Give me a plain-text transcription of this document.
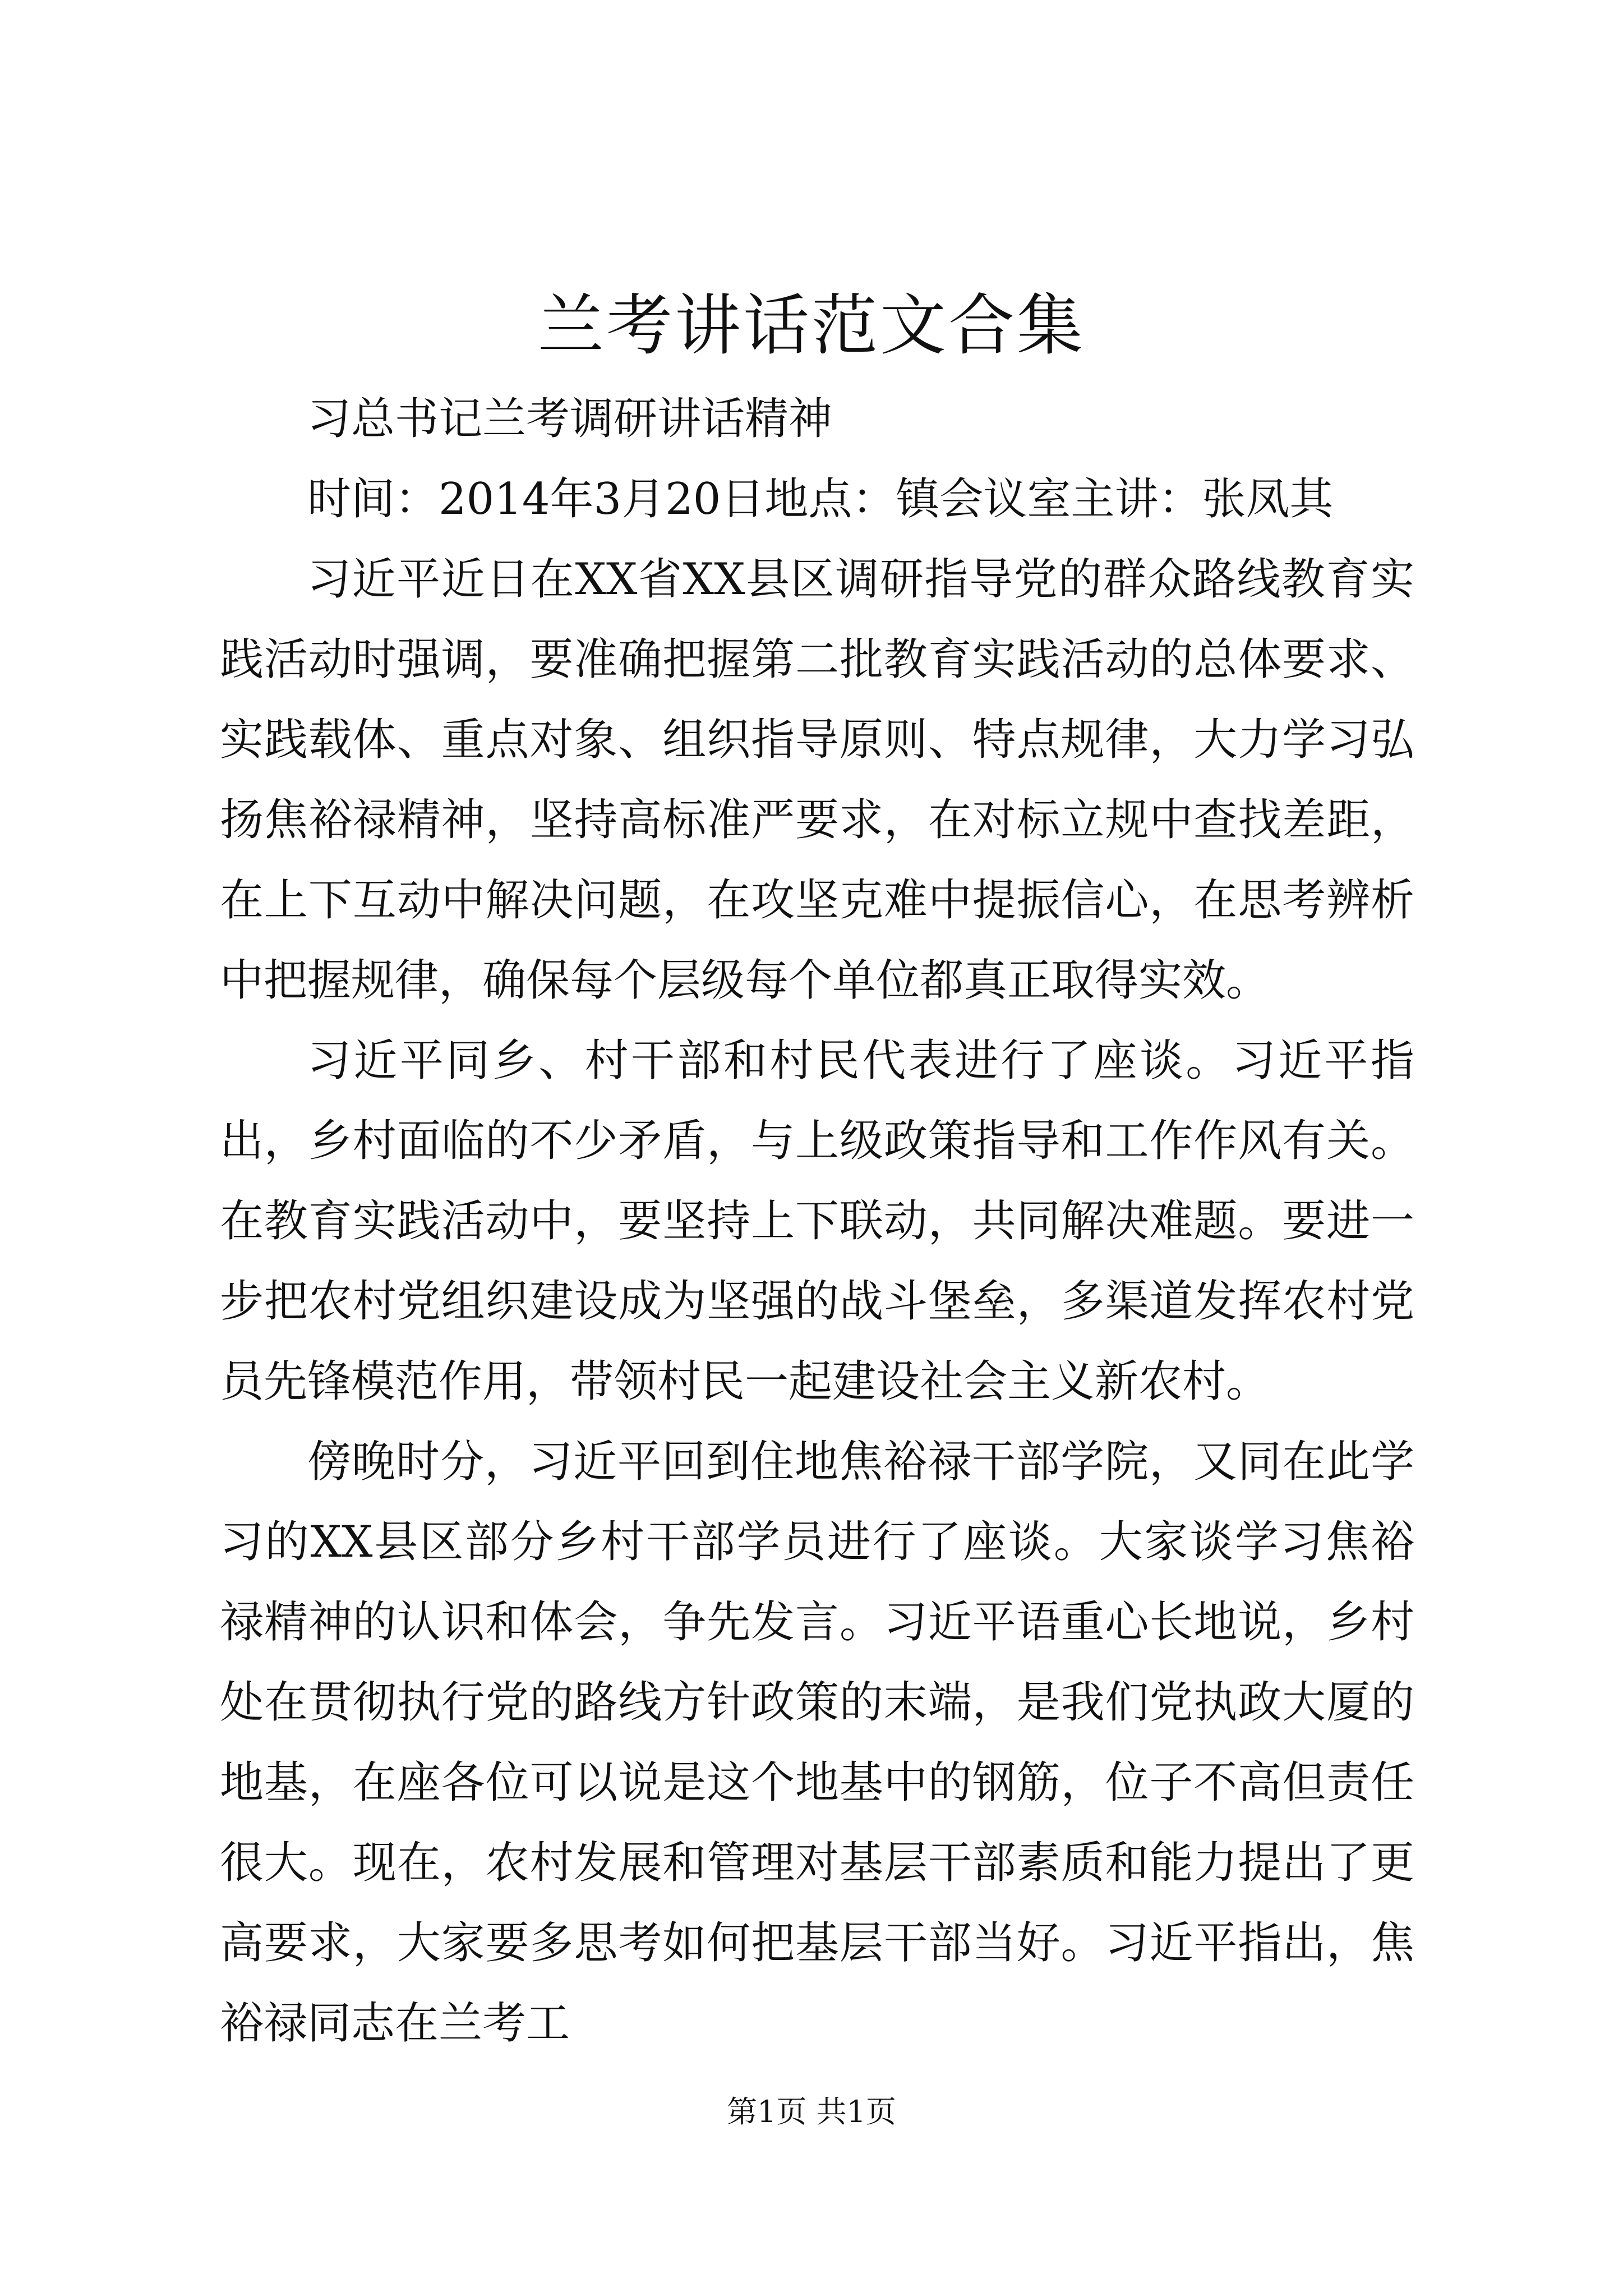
兰考讲话范文合集

习总书记兰考调研讲话精神

时间：2014年3月20日地点：镇会议室主讲：张凤其

习近平近日在XX省XX县区调研指导党的群众路线教育实践活动时强调，要准确把握第二批教育实践活动的总体要求、实践载体、重点对象、组织指导原则、特点规律，大力学习弘扬焦裕禄精神，坚持高标准严要求，在对标立规中查找差距，在上下互动中解决问题，在攻坚克难中提振信心，在思考辨析中把握规律，确保每个层级每个单位都真正取得实效。

习近平同乡、村干部和村民代表进行了座谈。习近平指出，乡村面临的不少矛盾，与上级政策指导和工作作风有关。在教育实践活动中，要坚持上下联动，共同解决难题。要进一步把农村党组织建设成为坚强的战斗堡垒，多渠道发挥农村党员先锋模范作用，带领村民一起建设社会主义新农村。

傍晚时分，习近平回到住地焦裕禄干部学院，又同在此学习的XX县区部分乡村干部学员进行了座谈。大家谈学习焦裕禄精神的认识和体会，争先发言。习近平语重心长地说，乡村处在贯彻执行党的路线方针政策的末端，是我们党执政大厦的地基，在座各位可以说是这个地基中的钢筋，位子不高但责任很大。现在，农村发展和管理对基层干部素质和能力提出了更高要求，大家要多思考如何把基层干部当好。习近平指出，焦裕禄同志在兰考工

第1页 共1页
